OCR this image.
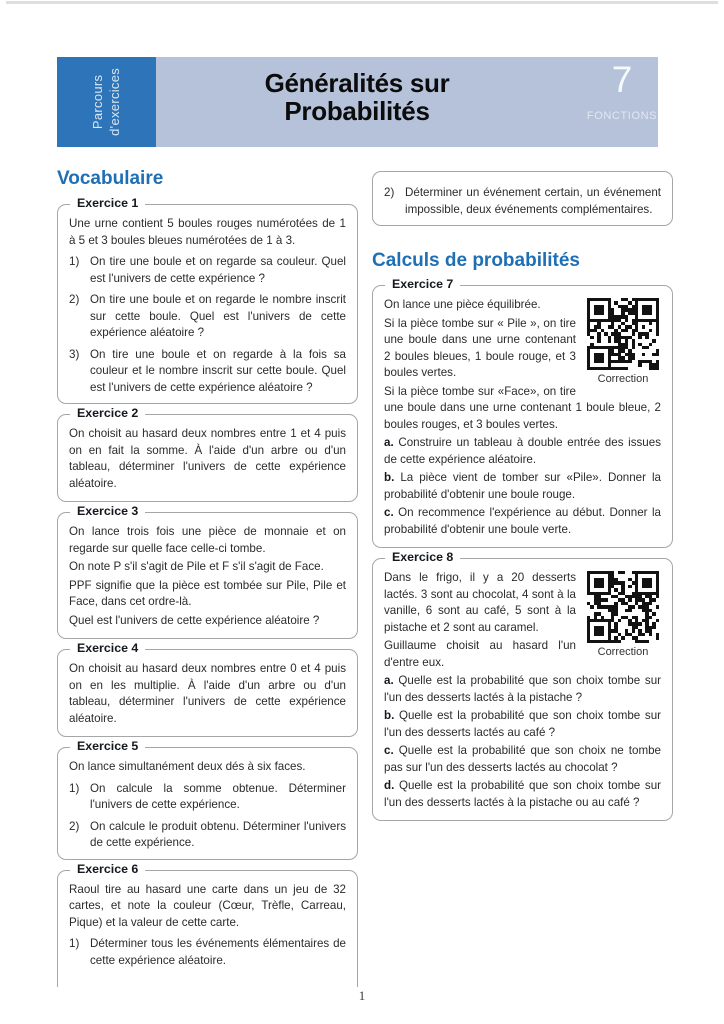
Parcours d'exercices	Généralités sur
Probabilités
7
FONCTIONS
Vocabulaire
Exercice 1
Une urne contient 5 boules rouges numérotées de 1 à 5 et 3 boules bleues numérotées de 1 à 3.
1) On tire une boule et on regarde sa couleur. Quel est l'univers de cette expérience ?
2) On tire une boule et on regarde le nombre inscrit sur cette boule. Quel est l'univers de cette expérience aléatoire ?
3) On tire une boule et on regarde à la fois sa couleur et le nombre inscrit sur cette boule. Quel est l'univers de cette expérience aléatoire ?
Exercice 2
On choisit au hasard deux nombres entre 1 et 4 puis on en fait la somme. À l'aide d'un arbre ou d'un tableau, déterminer l'univers de cette expérience aléatoire.
Exercice 3
On lance trois fois une pièce de monnaie et on regarde sur quelle face celle-ci tombe.
On note P s'il s'agit de Pile et F s'il s'agit de Face.
PPF signifie que la pièce est tombée sur Pile, Pile et Face, dans cet ordre-là.
Quel est l'univers de cette expérience aléatoire ?
Exercice 4
On choisit au hasard deux nombres entre 0 et 4 puis on en les multiplie. À l'aide d'un arbre ou d'un tableau, déterminer l'univers de cette expérience aléatoire.
Exercice 5
On lance simultanément deux dés à six faces.
1) On calcule la somme obtenue. Déterminer l'univers de cette expérience.
2) On calcule le produit obtenu. Déterminer l'univers de cette expérience.
Exercice 6
Raoul tire au hasard une carte dans un jeu de 32 cartes, et note la couleur (Cœur, Trèfle, Carreau, Pique) et la valeur de cette carte.
1) Déterminer tous les événements élémentaires de cette expérience aléatoire.
2) Déterminer un événement certain, un événement impossible, deux événements complémentaires.
Calculs de probabilités
Exercice 7
Correction
On lance une pièce équilibrée.
Si la pièce tombe sur « Pile », on tire une boule dans une urne contenant 2 boules bleues, 1 boule rouge, et 3 boules vertes.
Si la pièce tombe sur «Face», on tire une boule dans une urne contenant 1 boule bleue, 2 boules rouges, et 3 boules vertes.
a. Construire un tableau à double entrée des issues de cette expérience aléatoire.
b. La pièce vient de tomber sur «Pile». Donner la probabilité d'obtenir une boule rouge.
c. On recommence l'expérience au début. Donner la probabilité d'obtenir une boule verte.
Exercice 8
Correction
Dans le frigo, il y a 20 desserts lactés. 3 sont au chocolat, 4 sont à la vanille, 6 sont au café, 5 sont à la pistache et 2 sont au caramel.
Guillaume choisit au hasard l'un d'entre eux.
a. Quelle est la probabilité que son choix tombe sur l'un des desserts lactés à la pistache ?
b. Quelle est la probabilité que son choix tombe sur l'un des desserts lactés au café ?
c. Quelle est la probabilité que son choix ne tombe pas sur l'un des desserts lactés au chocolat ?
d. Quelle est la probabilité que son choix tombe sur l'un des desserts lactés à la pistache ou au café ?
1
